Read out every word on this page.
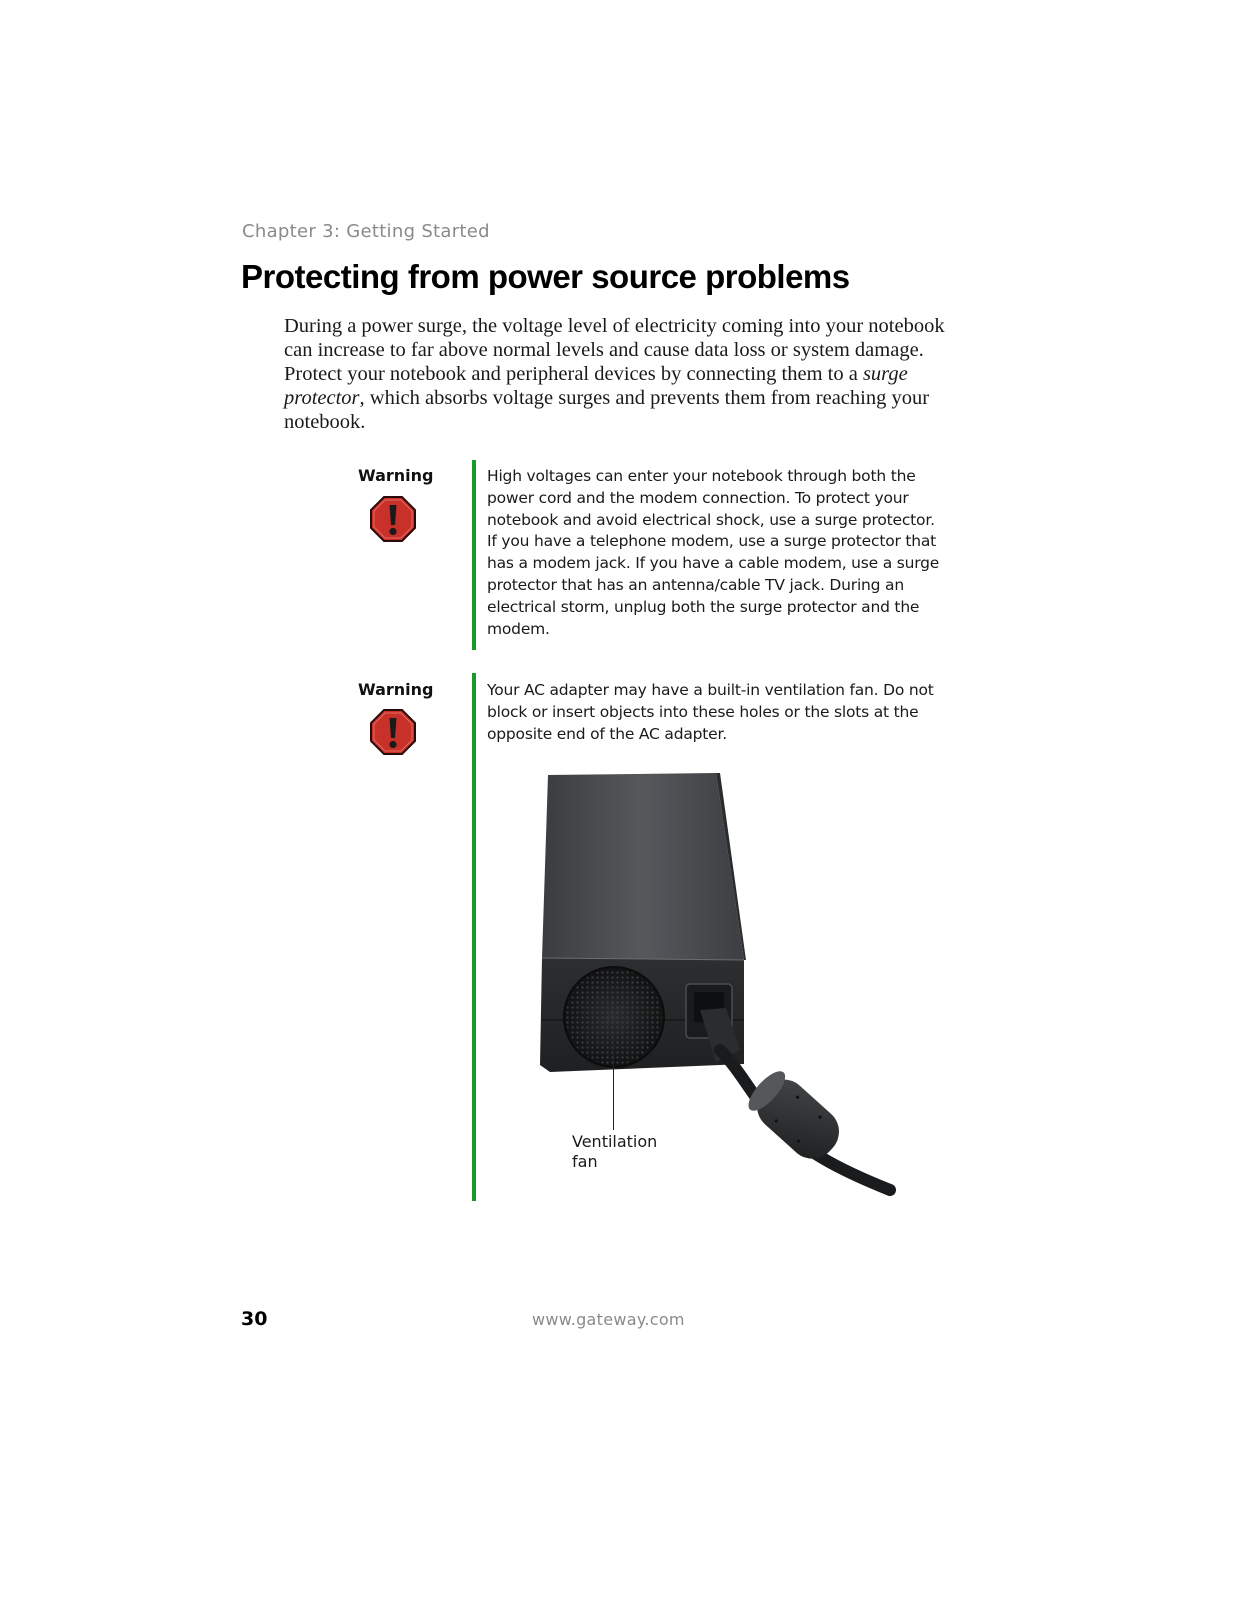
Chapter 3: Getting Started
Protecting from power source problems

During a power surge, the voltage level of electricity coming into your notebook can increase to far above normal levels and cause data loss or system damage. Protect your notebook and peripheral devices by connecting them to a surge protector, which absorbs voltage surges and prevents them from reaching your notebook.

Warning	High voltages can enter your notebook through both the power cord and the modem connection. To protect your notebook and avoid electrical shock, use a surge protector. If you have a telephone modem, use a surge protector that has a modem jack. If you have a cable modem, use a surge protector that has an antenna/cable TV jack. During an electrical storm, unplug both the surge protector and the modem.

Warning	Your AC adapter may have a built-in ventilation fan. Do not block or insert objects into these holes or the slots at the opposite end of the AC adapter.

Ventilation
fan
30	www.gateway.com
